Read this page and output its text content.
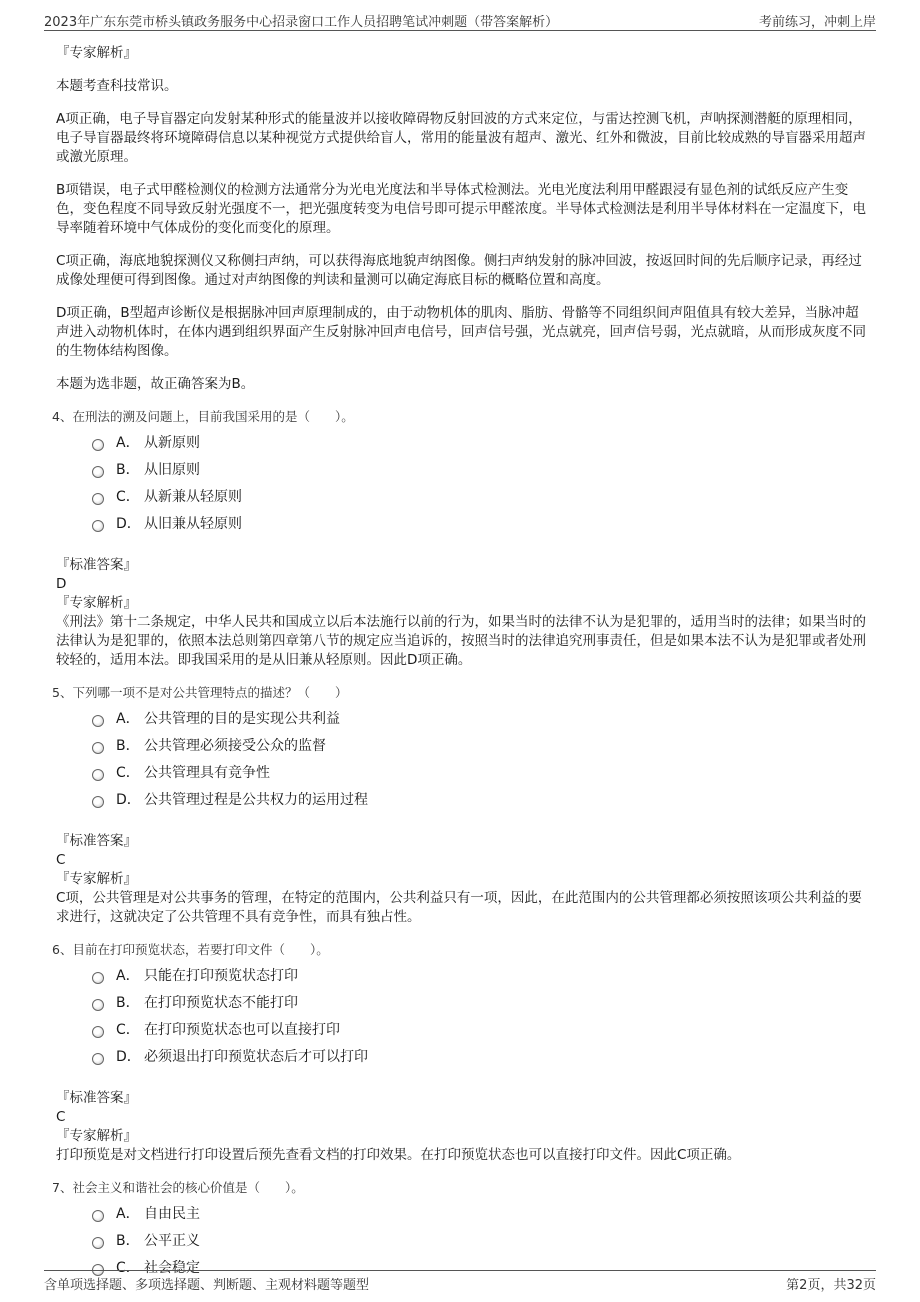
2023年广东东莞市桥头镇政务服务中心招录窗口工作人员招聘笔试冲刺题（带答案解析）	考前练习，冲刺上岸

『专家解析』

本题考查科技常识。

A项正确，电子导盲器定向发射某种形式的能量波并以接收障碍物反射回波的方式来定位，与雷达控测飞机，声呐探测潜艇的原理相同，电子导盲器最终将环境障碍信息以某种视觉方式提供给盲人，常用的能量波有超声、激光、红外和微波，目前比较成熟的导盲器采用超声或激光原理。

B项错误，电子式甲醛检测仪的检测方法通常分为光电光度法和半导体式检测法。光电光度法利用甲醛跟浸有显色剂的试纸反应产生变色，变色程度不同导致反射光强度不一，把光强度转变为电信号即可提示甲醛浓度。半导体式检测法是利用半导体材料在一定温度下，电导率随着环境中气体成份的变化而变化的原理。

C项正确，海底地貌探测仪又称侧扫声纳，可以获得海底地貌声纳图像。侧扫声纳发射的脉冲回波，按返回时间的先后顺序记录，再经过成像处理便可得到图像。通过对声纳图像的判读和量测可以确定海底目标的概略位置和高度。

D项正确，B型超声诊断仪是根据脉冲回声原理制成的，由于动物机体的肌肉、脂肪、骨骼等不同组织间声阻值具有较大差异，当脉冲超声进入动物机体时，在体内遇到组织界面产生反射脉冲回声电信号，回声信号强，光点就亮，回声信号弱，光点就暗，从而形成灰度不同的生物体结构图像。

本题为选非题，故正确答案为B。

4、在刑法的溯及问题上，目前我国采用的是（　　）。

A． 从新原则
B． 从旧原则
C． 从新兼从轻原则
D． 从旧兼从轻原则

『标准答案』

D

『专家解析』

《刑法》第十二条规定，中华人民共和国成立以后本法施行以前的行为，如果当时的法律不认为是犯罪的，适用当时的法律；如果当时的法律认为是犯罪的，依照本法总则第四章第八节的规定应当追诉的，按照当时的法律追究刑事责任，但是如果本法不认为是犯罪或者处刑较轻的，适用本法。即我国采用的是从旧兼从轻原则。因此D项正确。

5、下列哪一项不是对公共管理特点的描述？（　　）

A． 公共管理的目的是实现公共利益
B． 公共管理必须接受公众的监督
C． 公共管理具有竞争性
D． 公共管理过程是公共权力的运用过程

『标准答案』

C

『专家解析』

C项，公共管理是对公共事务的管理，在特定的范围内，公共利益只有一项，因此，在此范围内的公共管理都必须按照该项公共利益的要求进行，这就决定了公共管理不具有竞争性，而具有独占性。

6、目前在打印预览状态，若要打印文件（　　）。

A． 只能在打印预览状态打印
B． 在打印预览状态不能打印
C． 在打印预览状态也可以直接打印
D． 必须退出打印预览状态后才可以打印

『标准答案』

C

『专家解析』

打印预览是对文档进行打印设置后预先查看文档的打印效果。在打印预览状态也可以直接打印文件。因此C项正确。

7、社会主义和谐社会的核心价值是（　　）。

A． 自由民主
B． 公平正义
C． 社会稳定
含单项选择题、多项选择题、判断题、主观材料题等题型	第2页，共32页
